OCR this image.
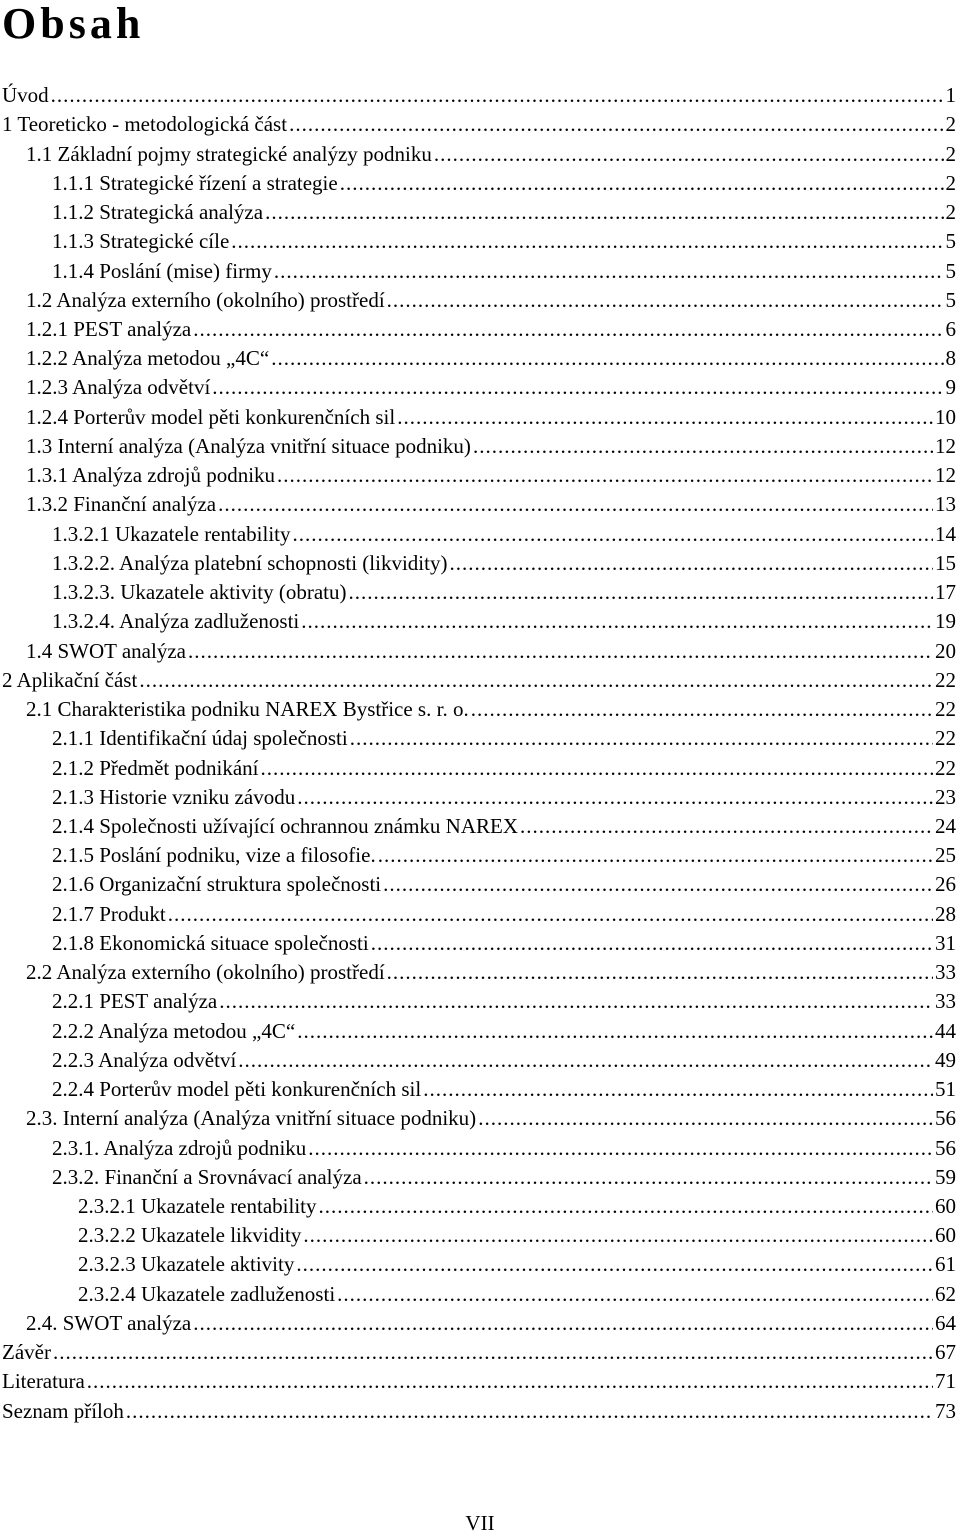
Obsah
Úvod .....	1
1 Teoreticko - metodologická část .....	2
1.1 Základní pojmy strategické analýzy podniku .....	2
1.1.1 Strategické řízení a strategie .....	2
1.1.2 Strategická analýza .....	2
1.1.3 Strategické cíle .....	5
1.1.4 Poslání (mise) firmy .....	5
1.2 Analýza externího (okolního) prostředí .....	5
1.2.1 PEST analýza .....	6
1.2.2 Analýza metodou „4C“ .....	8
1.2.3 Analýza odvětví .....	9
1.2.4 Porterův model pěti konkurenčních sil .....	10
1.3 Interní analýza (Analýza vnitřní situace podniku) .....	12
1.3.1 Analýza zdrojů podniku .....	12
1.3.2 Finanční analýza .....	13
1.3.2.1 Ukazatele rentability .....	14
1.3.2.2. Analýza platební schopnosti (likvidity) .....	15
1.3.2.3. Ukazatele aktivity (obratu) .....	17
1.3.2.4. Analýza zadluženosti .....	19
1.4 SWOT analýza .....	20
2 Aplikační část .....	22
2.1 Charakteristika podniku NAREX Bystřice s. r. o. .....	22
2.1.1 Identifikační údaj společnosti .....	22
2.1.2 Předmět podnikání .....	22
2.1.3 Historie vzniku závodu .....	23
2.1.4 Společnosti užívající ochrannou známku NAREX .....	24
2.1.5 Poslání podniku, vize a filosofie. .....	25
2.1.6 Organizační struktura společnosti .....	26
2.1.7 Produkt .....	28
2.1.8 Ekonomická situace společnosti .....	31
2.2 Analýza externího (okolního) prostředí .....	33
2.2.1 PEST analýza .....	33
2.2.2 Analýza metodou „4C“ .....	44
2.2.3 Analýza odvětví .....	49
2.2.4 Porterův model pěti konkurenčních sil .....	51
2.3. Interní analýza (Analýza vnitřní situace podniku) .....	56
2.3.1. Analýza zdrojů podniku .....	56
2.3.2. Finanční a Srovnávací analýza .....	59
2.3.2.1 Ukazatele rentability .....	60
2.3.2.2 Ukazatele likvidity .....	60
2.3.2.3 Ukazatele aktivity .....	61
2.3.2.4 Ukazatele zadluženosti .....	62
2.4. SWOT analýza .....	64
Závěr .....	67
Literatura .....	71
Seznam příloh .....	73
VII
